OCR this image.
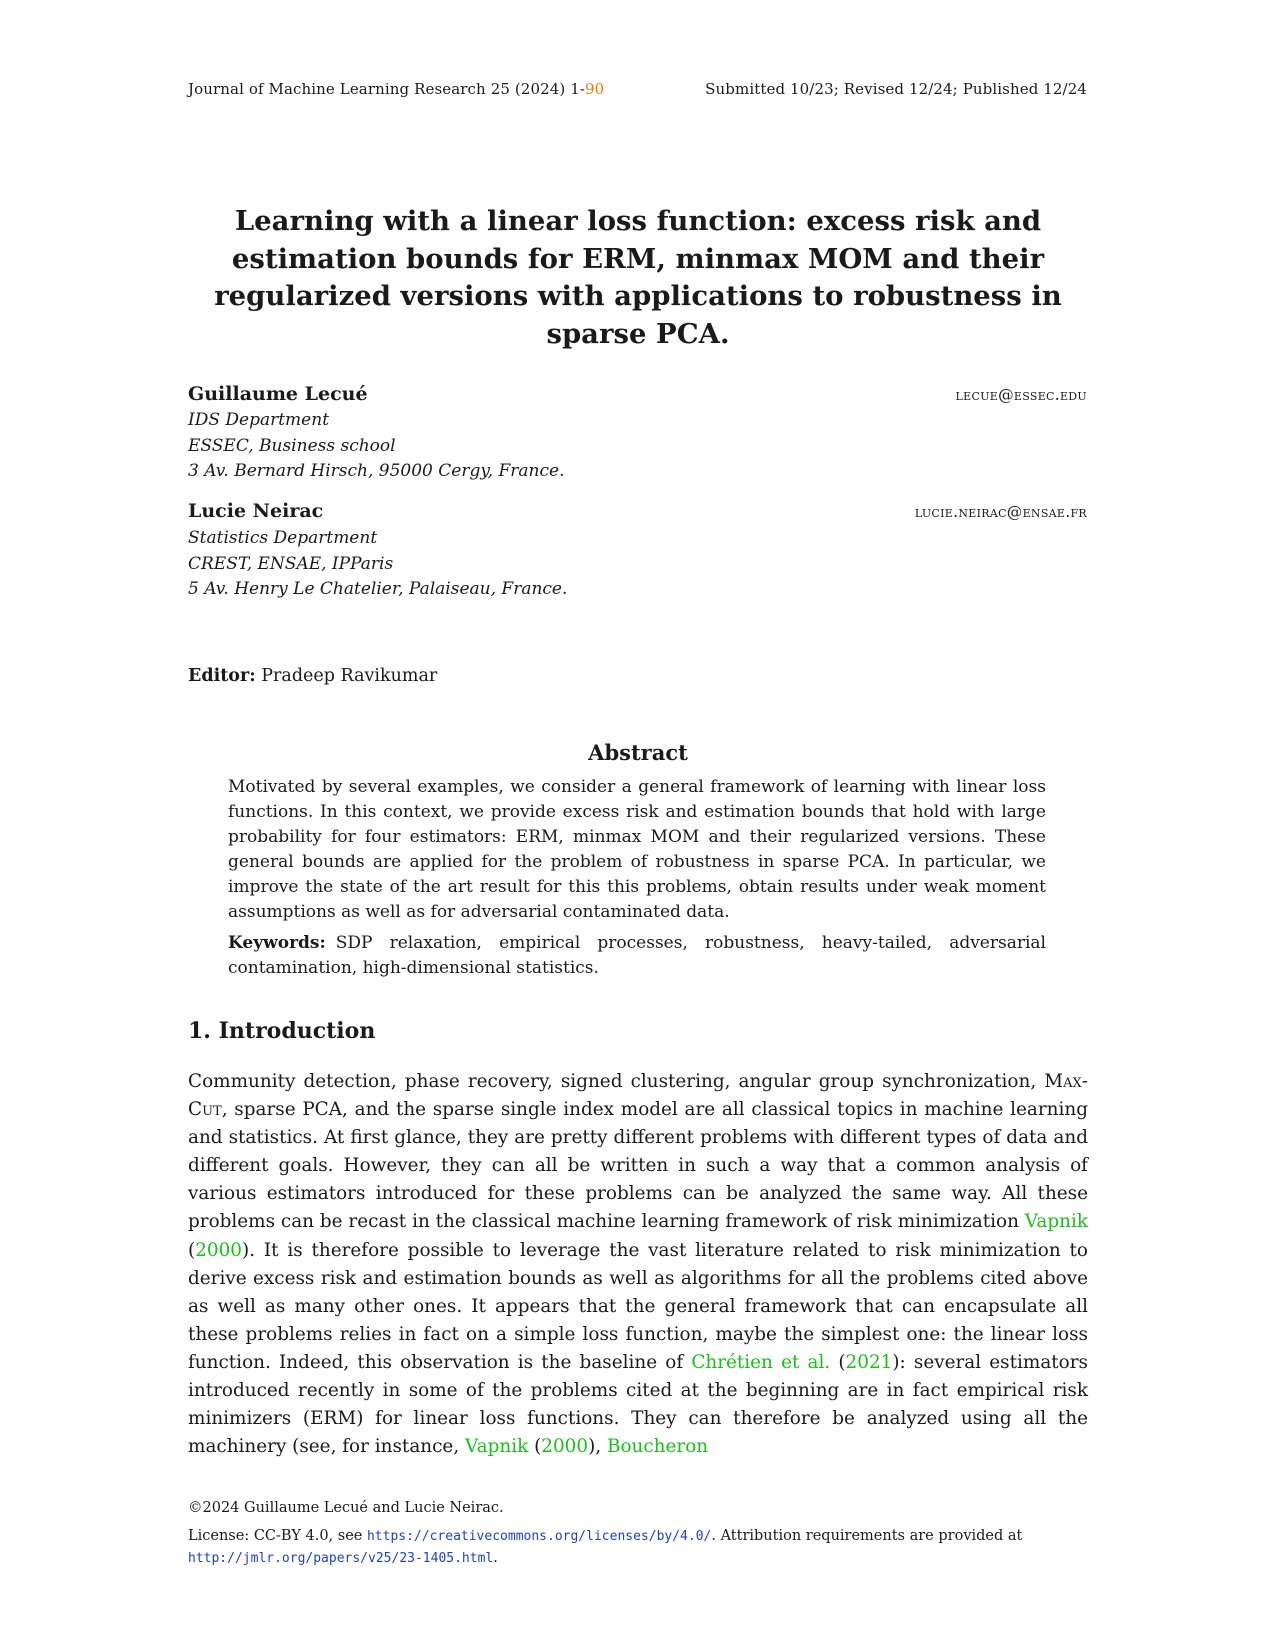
Journal of Machine Learning Research 25 (2024) 1-90	Submitted 10/23; Revised 12/24; Published 12/24
Learning with a linear loss function: excess risk and estimation bounds for ERM, minmax MOM and their regularized versions with applications to robustness in sparse PCA.
Guillaume Lecué	lecue@essec.edu
IDS Department
ESSEC, Business school
3 Av. Bernard Hirsch, 95000 Cergy, France.
Lucie Neirac	lucie.neirac@ensae.fr
Statistics Department
CREST, ENSAE, IPParis
5 Av. Henry Le Chatelier, Palaiseau, France.
Editor: Pradeep Ravikumar
Abstract

Motivated by several examples, we consider a general framework of learning with linear loss functions. In this context, we provide excess risk and estimation bounds that hold with large probability for four estimators: ERM, minmax MOM and their regularized versions. These general bounds are applied for the problem of robustness in sparse PCA. In particular, we improve the state of the art result for this this problems, obtain results under weak moment assumptions as well as for adversarial contaminated data.

Keywords: SDP relaxation, empirical processes, robustness, heavy-tailed, adversarial contamination, high-dimensional statistics.

1. Introduction

Community detection, phase recovery, signed clustering, angular group synchronization, Max-Cut, sparse PCA, and the sparse single index model are all classical topics in machine learning and statistics. At first glance, they are pretty different problems with different types of data and different goals. However, they can all be written in such a way that a common analysis of various estimators introduced for these problems can be analyzed the same way. All these problems can be recast in the classical machine learning framework of risk minimization Vapnik (2000). It is therefore possible to leverage the vast literature related to risk minimization to derive excess risk and estimation bounds as well as algorithms for all the problems cited above as well as many other ones. It appears that the general framework that can encapsulate all these problems relies in fact on a simple loss function, maybe the simplest one: the linear loss function. Indeed, this observation is the baseline of Chrétien et al. (2021): several estimators introduced recently in some of the problems cited at the beginning are in fact empirical risk minimizers (ERM) for linear loss functions. They can therefore be analyzed using all the machinery (see, for instance, Vapnik (2000), Boucheron

©2024 Guillaume Lecué and Lucie Neirac.

License: CC-BY 4.0, see https://creativecommons.org/licenses/by/4.0/. Attribution requirements are provided at http://jmlr.org/papers/v25/23-1405.html.
